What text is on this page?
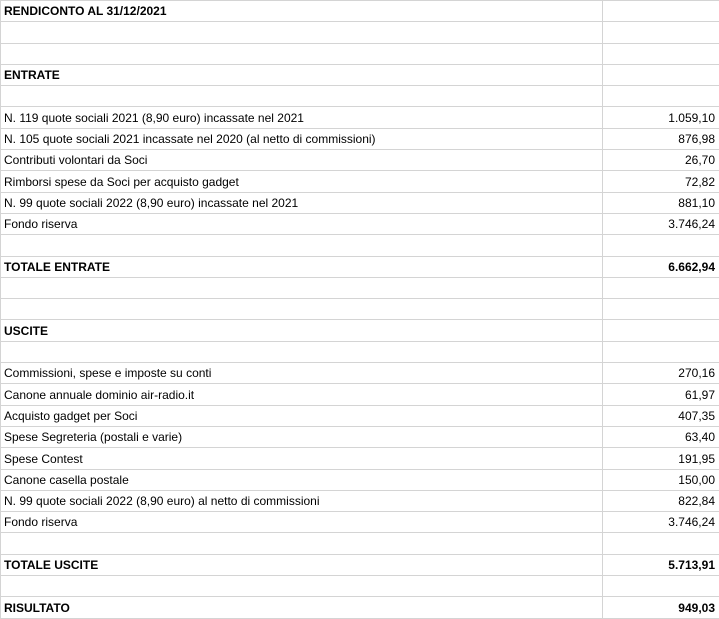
RENDICONTO AL 31/12/2021	

ENTRATE	

N. 119 quote sociali 2021 (8,90 euro) incassate nel 2021	1.059,10
N. 105 quote sociali 2021 incassate nel 2020 (al netto di commissioni)	876,98
Contributi volontari da Soci	26,70
Rimborsi spese da Soci per acquisto gadget	72,82
N. 99 quote sociali 2022 (8,90 euro) incassate nel 2021	881,10
Fondo riserva	3.746,24

TOTALE ENTRATE	6.662,94

USCITE	

Commissioni, spese e imposte su conti	270,16
Canone annuale dominio air-radio.it	61,97
Acquisto gadget per Soci	407,35
Spese Segreteria (postali e varie)	63,40
Spese Contest	191,95
Canone casella postale	150,00
N. 99 quote sociali 2022 (8,90 euro) al netto di commissioni	822,84
Fondo riserva	3.746,24

TOTALE USCITE	5.713,91

RISULTATO	949,03
